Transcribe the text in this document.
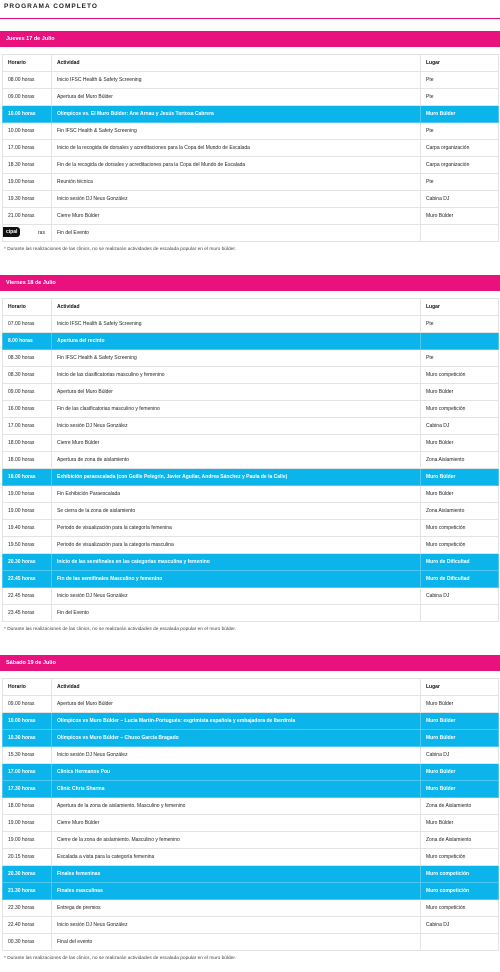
PROGRAMA COMPLETO
Jueves 17 de Julio
Horario	Actividad	Lugar
08.00 horas	Inicio IFSC Health & Safety Screening	Pte
09.00 horas	Apertura del Muro Búlder	Pte
10.00 horas	Olímpicos vs. El Muro Búlder: Ane Arnau y Jesús Tortosa Cabrera	Muro Búlder
10.00 horas	Fin IFSC Health & Safety Screening	Pte
17.00 horas	Inicio de la recogida de dorsales y acreditaciones para la Copa del Mundo de Escalada	Carpa organización
18.30 horas	Fin de la recogida de dorsales y acreditaciones para la Copa del Mundo de Escalada	Carpa organización
19.00 horas	Reunión técnica	Pte
19.30 horas	Inicio sesión DJ Neus González	Cabina DJ
21.00 horas	Cierre Muro Búlder	Muro Búlder

cipal ras	Fin del Evento	
* Durante las realizaciones de las clinics, no se realizarán actividades de escalada popular en el muro búlder.
Viernes 18 de Julio
Horario	Actividad	Lugar
07.00 horas	Inicio IFSC Health & Safety Screening	Pte
8.00 horas	Apertura del recinto	
08.30 horas	Fin IFSC Health & Safety Screening	Pte
08.30 horas	Inicio de las clasificatorias masculino y femenino	Muro competición
09.00 horas	Apertura del Muro Búlder	Muro Búlder
16.00 horas	Fin de las clasificatorias masculino y femenino	Muro competición
17.00 horas	Inicio sesión DJ Neus González	Cabina DJ
18.00 horas	Cierre Muro Búlder	Muro Búlder
18.00 horas	Apertura de zona de aislamiento	Zona Aislamiento
18.00 horas	Exhibición paraescalada (con Guille Pelegrín, Javier Aguilar, Andrea Sánchez y Paula de la Calle)	Muro Búlder
19.00 horas	Fin Exhibición Paraescalada	Muro Búlder
19.00 horas	Se cierra de la zona de aislamiento	Zona Aislamiento
19.40 horas	Periodo de visualización para la categoría femenina	Muro competición
19.50 horas	Periodo de visualización para la categoría masculina	Muro competición
20.30 horas	Inicio de las semifinales en las categorías masculina y femenino	Muro de Dificultad
22.45 horas	Fin de las semifinales Masculino y femenino	Muro de Dificultad
22.45 horas	Inicio sesión DJ Neus González	Cabina DJ
23.45 horas	Fin del Evento	
* Durante las realizaciones de las clinics, no se realizarán actividades de escalada popular en el muro búlder.
Sábado 19 de Julio
Horario	Actividad	Lugar
09.00 horas	Apertura del Muro Búlder	Muro Búlder
10.00 horas	Olímpicos vs Muro Búlder – Lucía Martín-Portugués: esgrimista española y embajadora de Iberdrola	Muro Búlder
10.30 horas	Olímpicos vs Muro Búlder – Chuso García Bragado	Muro Búlder
15.30 horas	Inicio sesión DJ Neus González	Cabina DJ
17.00 horas	Clinics Hermanos Pou	Muro Búlder
17.30 horas	Clinic Chris Sharma	Muro Búlder
18.00 horas	Apertura de la zona de aislamiento. Masculino y femenino	Zona de Aislamiento
19.00 horas	Cierre Muro Búlder	Muro Búlder
19.00 horas	Cierre de la zona de aislamiento. Masculino y femenino	Zona de Aislamiento
20.15 horas	Escalada a vista para la categoría femenina	Muro competición
20.30 horas	Finales femeninas	Muro competición
21.30 horas	Finales masculinas	Muro competición
22.30 horas	Entrega de premios	Muro competición
22.40 horas	Inicio sesión DJ Neus González	Cabina DJ
00.30 horas	Final del evento	
* Durante las realizaciones de las clinics, no se realizarán actividades de escalada popular en el muro búlder.
